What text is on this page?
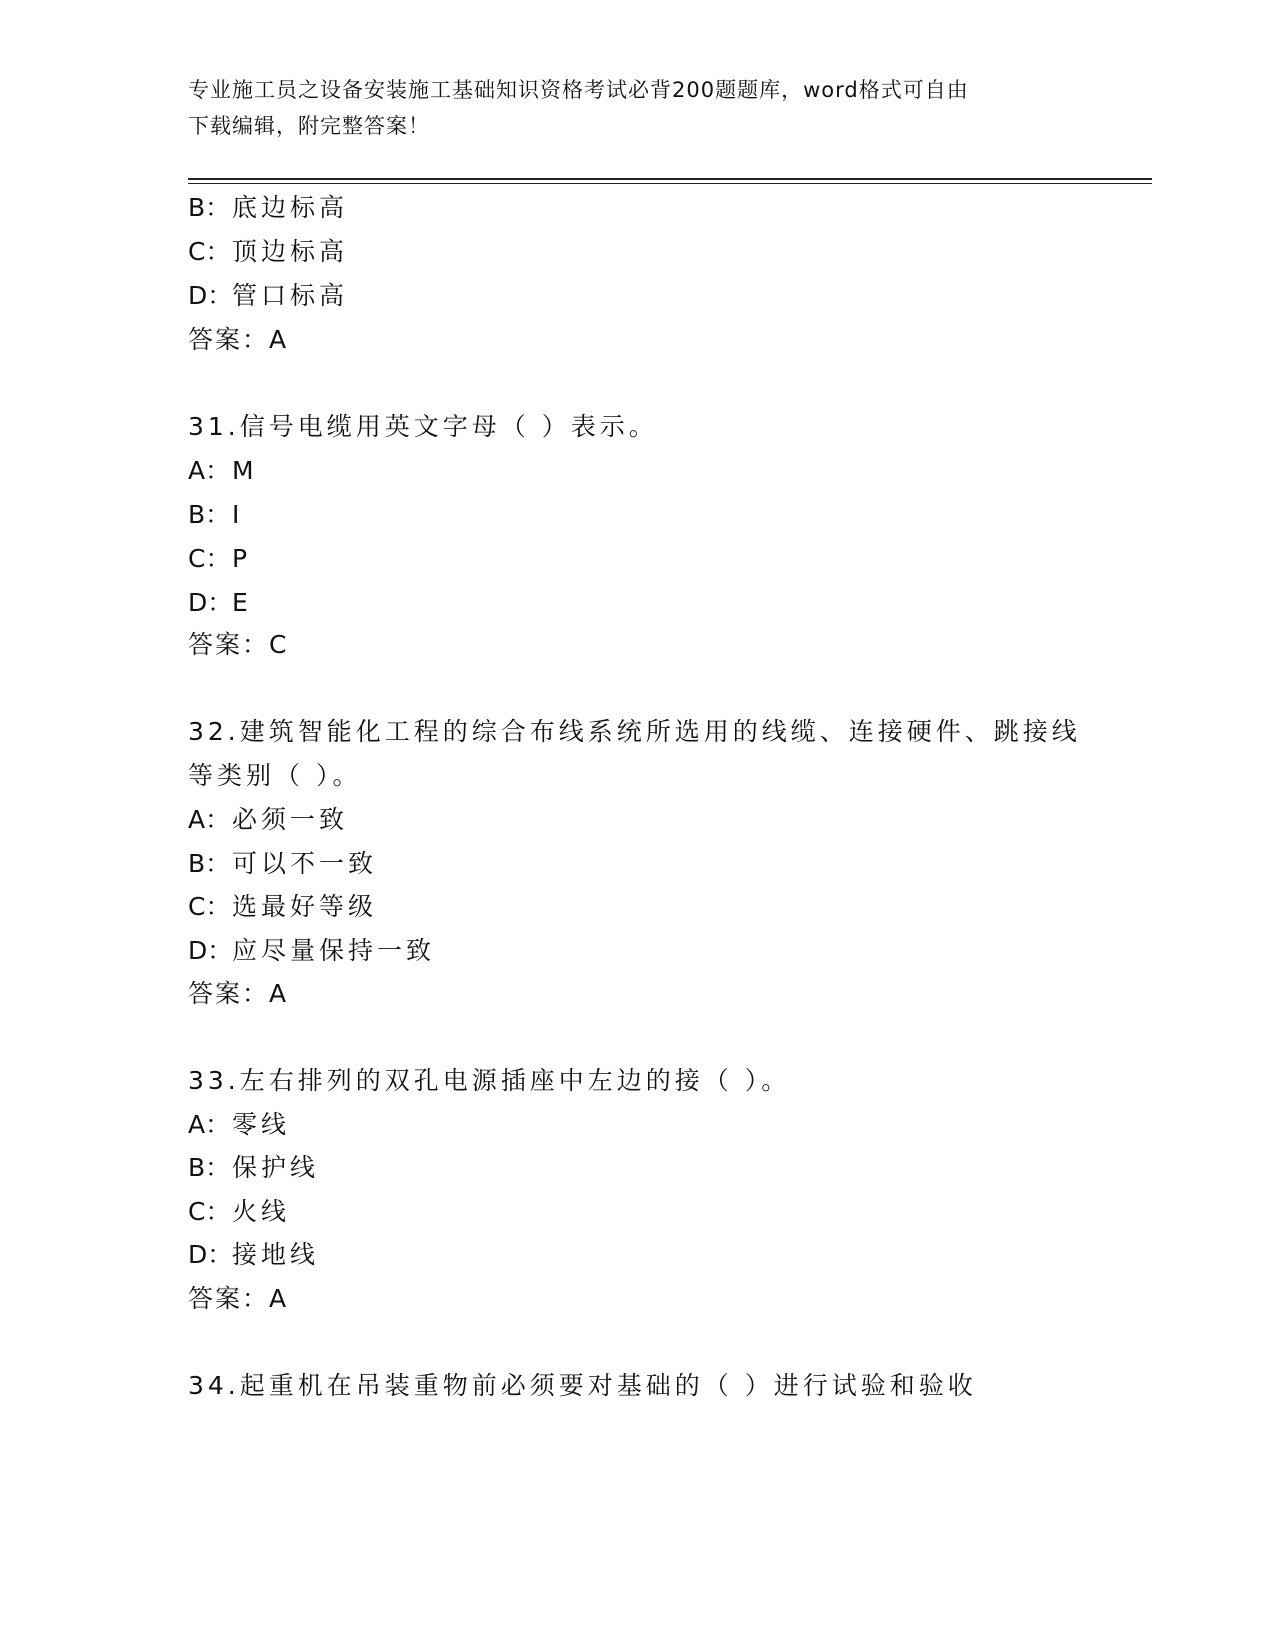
专业施工员之设备安装施工基础知识资格考试必背200题题库，word格式可自由
下载编辑，附完整答案！
B：底边标高
C：顶边标高
D：管口标高
答案：A
31.信号电缆用英文字母（ ）表示。
A：M
B：I
C：P
D：E
答案：C
32.建筑智能化工程的综合布线系统所选用的线缆、连接硬件、跳接线
等类别（ ）。
A：必须一致
B：可以不一致
C：选最好等级
D：应尽量保持一致
答案：A
33.左右排列的双孔电源插座中左边的接（ ）。
A：零线
B：保护线
C：火线
D：接地线
答案：A
34.起重机在吊装重物前必须要对基础的（ ）进行试验和验收
